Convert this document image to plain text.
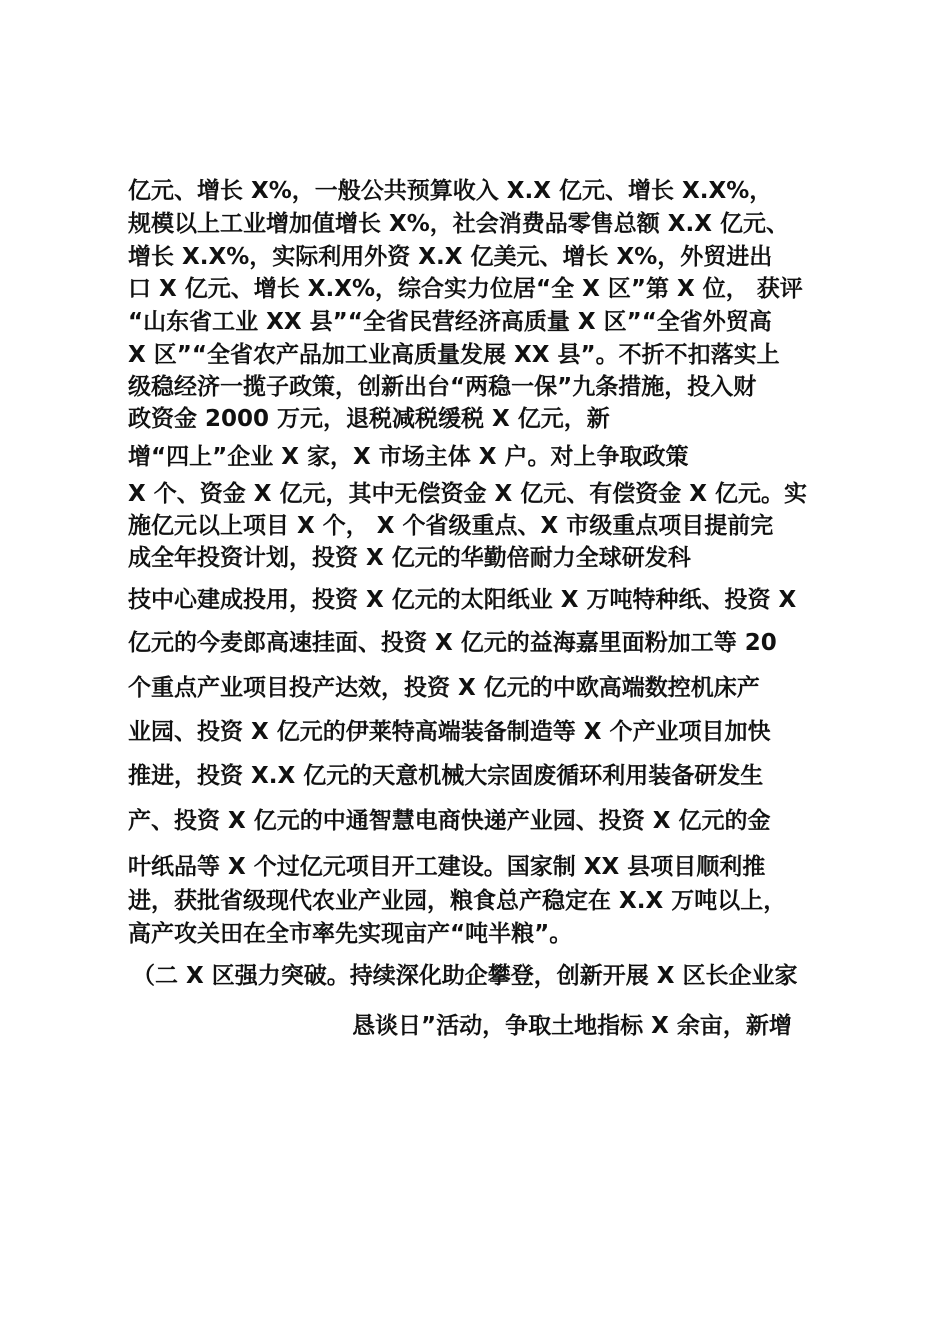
亿元、增长 X%，一般公共预算收入 X.X 亿元、增长 X.X%，
规模以上工业增加值增长 X%，社会消费品零售总额 X.X 亿元、
增长 X.X%，实际利用外资 X.X 亿美元、增长 X%，外贸进出
口 X 亿元、增长 X.X%，综合实力位居“全 X 区”第 X 位， 获评
“山东省工业 XX 县”“全省民营经济高质量 X 区”“全省外贸高
X 区”“全省农产品加工业高质量发展 XX 县”。不折不扣落实上
级稳经济一揽子政策，创新出台“两稳一保”九条措施，投入财
政资金 2000 万元，退税减税缓税 X 亿元，新
增“四上”企业 X 家，X 市场主体 X 户。对上争取政策
X 个、资金 X 亿元，其中无偿资金 X 亿元、有偿资金 X 亿元。实
施亿元以上项目 X 个， X 个省级重点、X 市级重点项目提前完
成全年投资计划，投资 X 亿元的华勤倍耐力全球研发科
技中心建成投用，投资 X 亿元的太阳纸业 X 万吨特种纸、投资 X
亿元的今麦郎高速挂面、投资 X 亿元的益海嘉里面粉加工等 20
个重点产业项目投产达效，投资 X 亿元的中欧高端数控机床产
业园、投资 X 亿元的伊莱特高端装备制造等 X 个产业项目加快
推进，投资 X.X 亿元的天意机械大宗固废循环利用装备研发生
产、投资 X 亿元的中通智慧电商快递产业园、投资 X 亿元的金
叶纸品等 X 个过亿元项目开工建设。国家制 XX 县项目顺利推
进，获批省级现代农业产业园，粮食总产稳定在 X.X 万吨以上，
高产攻关田在全市率先实现亩产“吨半粮”。
（二 X 区强力突破。持续深化助企攀登，创新开展 X 区长企业家
恳谈日”活动，争取土地指标 X 余亩，新增
